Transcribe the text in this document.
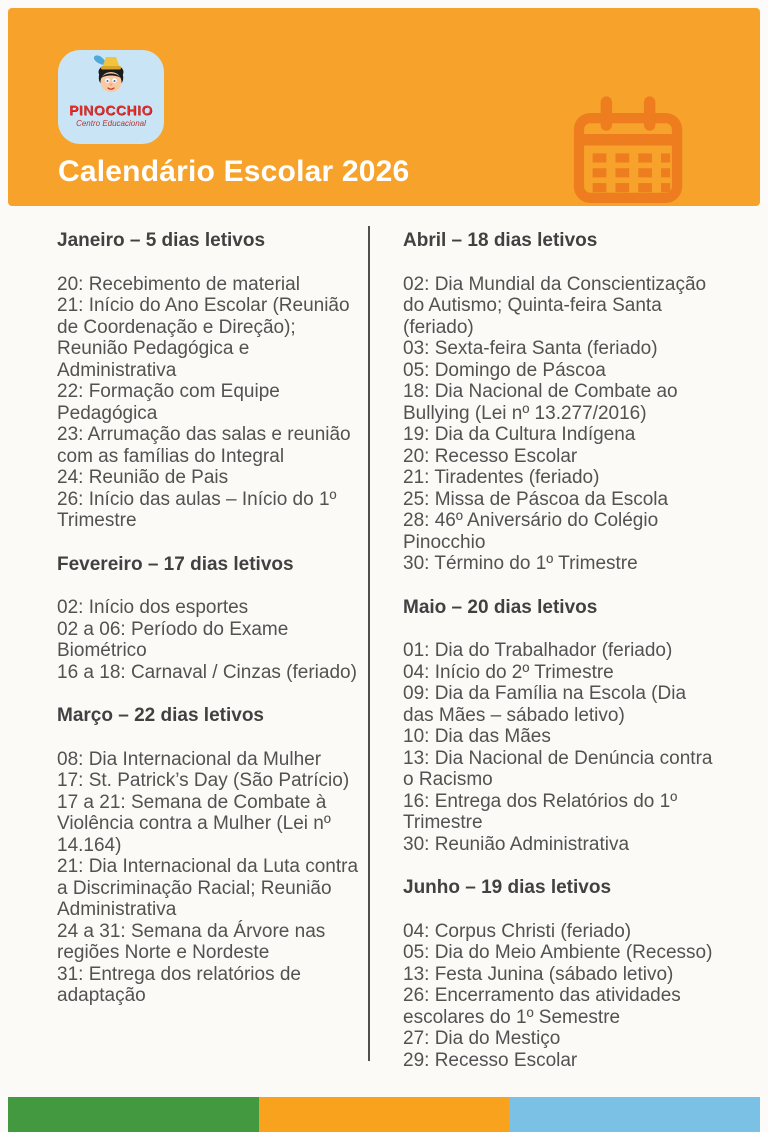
PINOCCHIO
Centro Educacional
Calendário Escolar 2026
Janeiro – 5 dias letivos

20: Recebimento de material

21: Início do Ano Escolar (Reunião de Coordenação e Direção); Reunião Pedagógica e Administrativa

22: Formação com Equipe Pedagógica

23: Arrumação das salas e reunião com as famílias do Integral

24: Reunião de Pais

26: Início das aulas – Início do 1º Trimestre

Fevereiro – 17 dias letivos

02: Início dos esportes

02 a 06: Período do Exame Biométrico

16 a 18: Carnaval / Cinzas (feriado)

Março – 22 dias letivos

08: Dia Internacional da Mulher

17: St. Patrick’s Day (São Patrício)

17 a 21: Semana de Combate à Violência contra a Mulher (Lei nº 14.164)

21: Dia Internacional da Luta contra a Discriminação Racial; Reunião Administrativa

24 a 31: Semana da Árvore nas regiões Norte e Nordeste

31: Entrega dos relatórios de adaptação

Abril – 18 dias letivos

02: Dia Mundial da Conscientização do Autismo; Quinta-feira Santa (feriado)

03: Sexta-feira Santa (feriado)

05: Domingo de Páscoa

18: Dia Nacional de Combate ao Bullying (Lei nº 13.277/2016)

19: Dia da Cultura Indígena

20: Recesso Escolar

21: Tiradentes (feriado)

25: Missa de Páscoa da Escola

28: 46º Aniversário do Colégio Pinocchio

30: Término do 1º Trimestre

Maio – 20 dias letivos

01: Dia do Trabalhador (feriado)

04: Início do 2º Trimestre

09: Dia da Família na Escola (Dia das Mães – sábado letivo)

10: Dia das Mães

13: Dia Nacional de Denúncia contra o Racismo

16: Entrega dos Relatórios do 1º Trimestre

30: Reunião Administrativa

Junho – 19 dias letivos

04: Corpus Christi (feriado)

05: Dia do Meio Ambiente (Recesso)

13: Festa Junina (sábado letivo)

26: Encerramento das atividades escolares do 1º Semestre

27: Dia do Mestiço

29: Recesso Escolar
